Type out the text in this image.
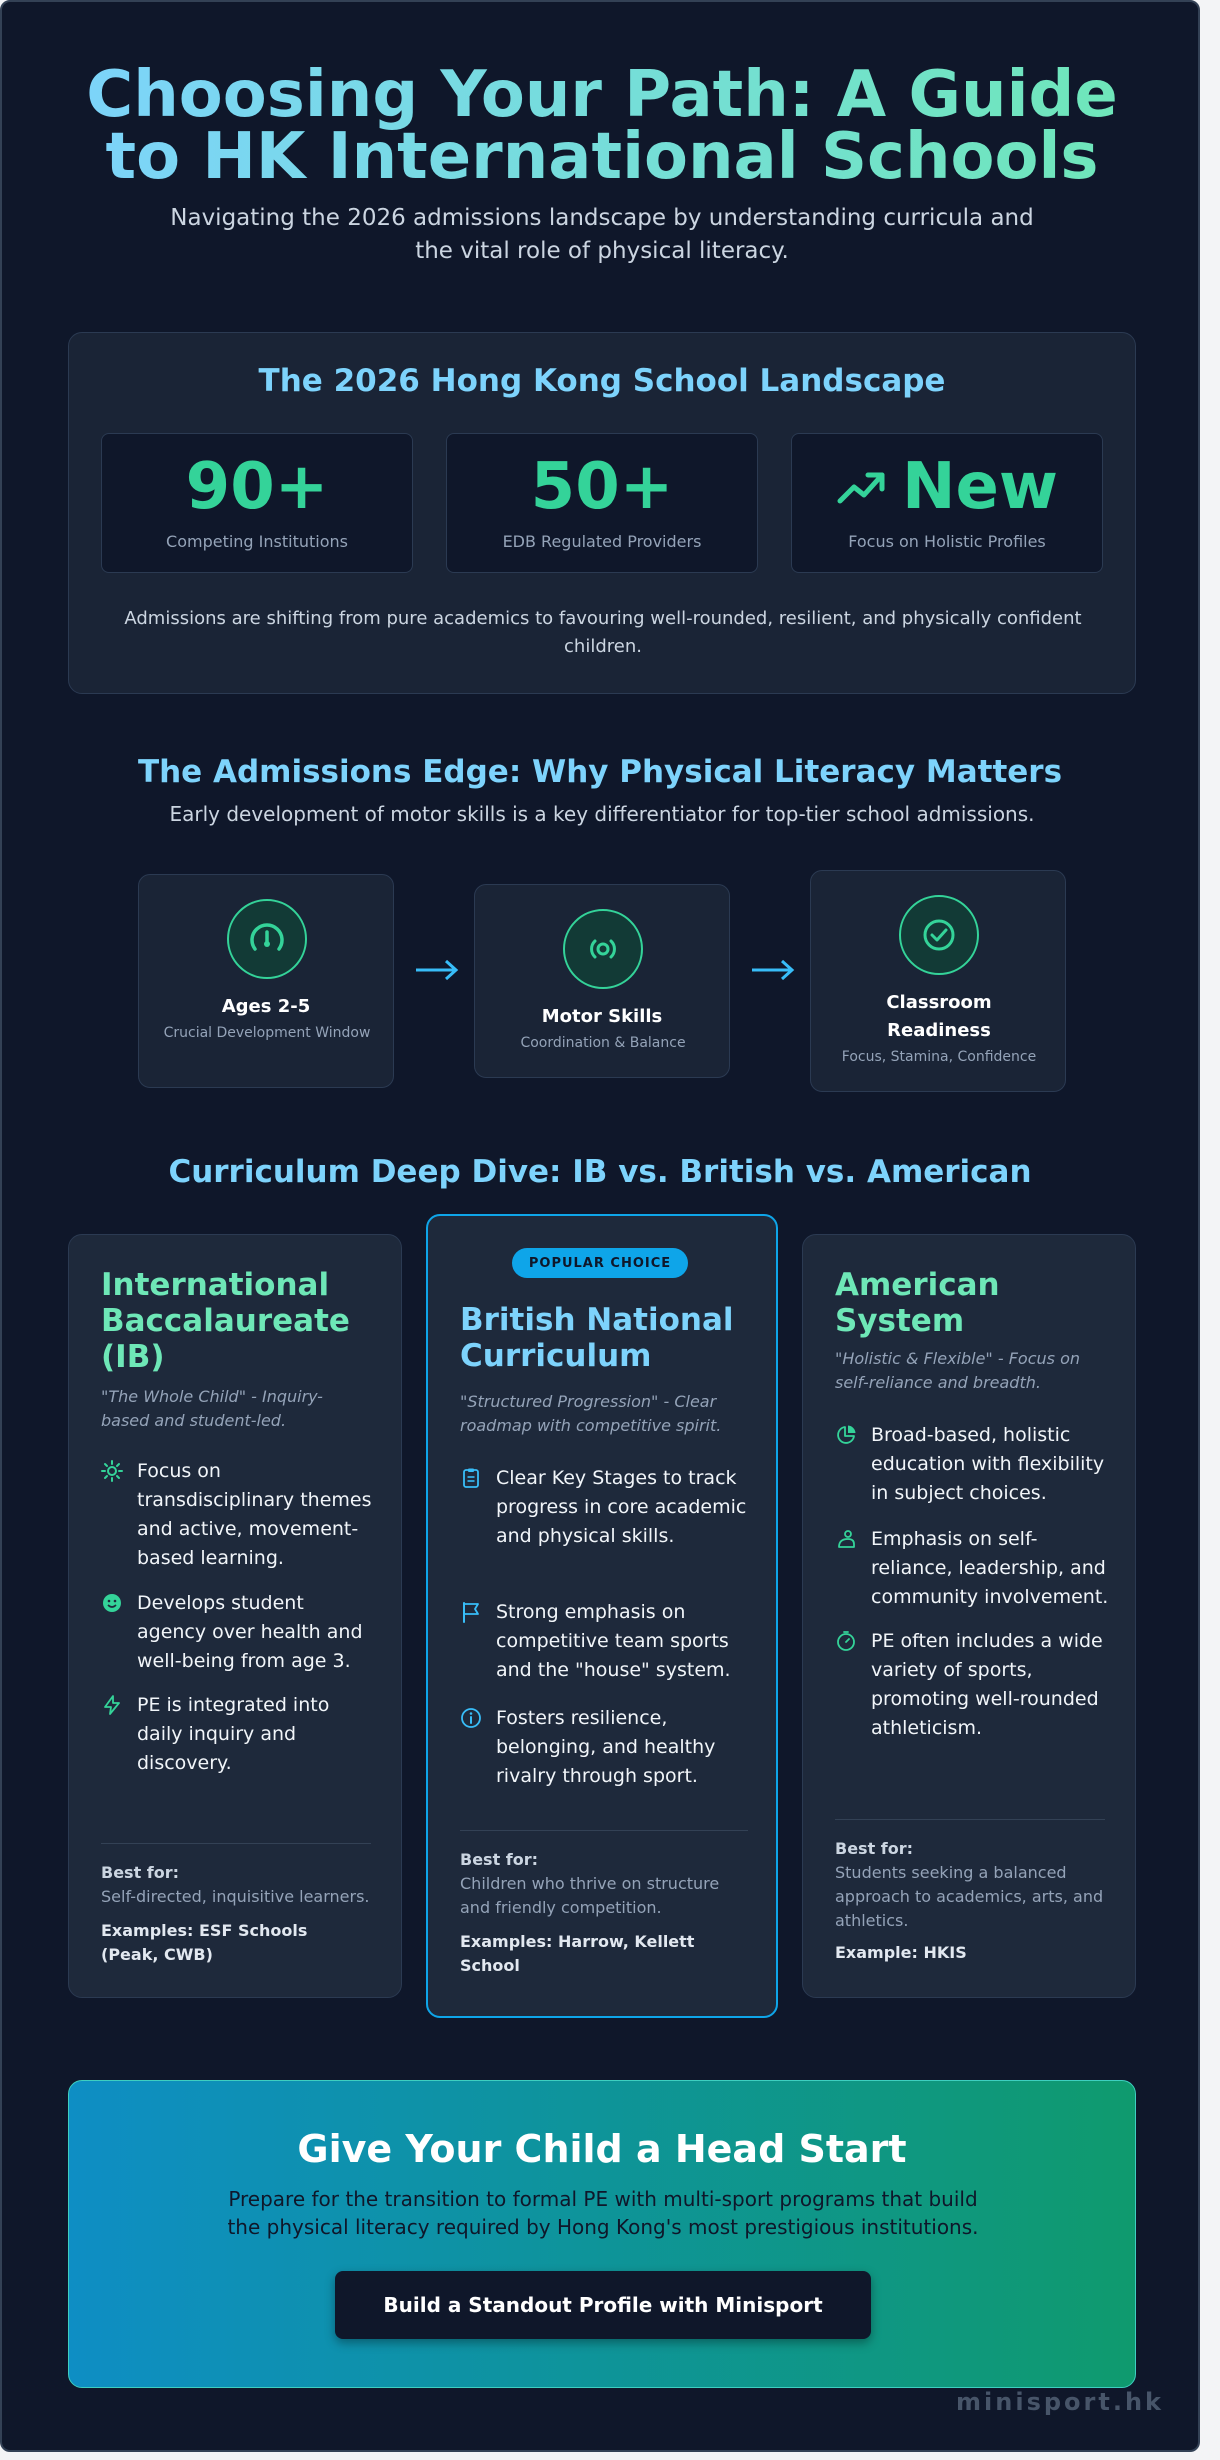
Choosing Your Path: A Guide to HK International Schools
Navigating the 2026 admissions landscape by understanding curricula and the vital role of physical literacy.
The 2026 Hong Kong School Landscape
90+
Competing Institutions
50+
EDB Regulated Providers
New
Focus on Holistic Profiles
Admissions are shifting from pure academics to favouring well-rounded, resilient, and physically confident children.
The Admissions Edge: Why Physical Literacy Matters
Early development of motor skills is a key differentiator for top-tier school admissions.
Ages 2-5
Crucial Development Window
Motor Skills
Coordination & Balance
Classroom Readiness
Focus, Stamina, Confidence
Curriculum Deep Dive: IB vs. British vs. American
International Baccalaureate (IB)
"The Whole Child" - Inquiry-based and student-led.
Focus on transdisciplinary themes and active, movement-based learning.
Develops student agency over health and well-being from age 3.
PE is integrated into daily inquiry and discovery.
Best for:
Self-directed, inquisitive learners.
Examples: ESF Schools (Peak, CWB)
POPULAR CHOICE
British National Curriculum
"Structured Progression" - Clear roadmap with competitive spirit.
Clear Key Stages to track progress in core academic and physical skills.
Strong emphasis on competitive team sports and the "house" system.
Fosters resilience, belonging, and healthy rivalry through sport.
Best for:
Children who thrive on structure and friendly competition.
Examples: Harrow, Kellett School
American System
"Holistic & Flexible" - Focus on self-reliance and breadth.
Broad-based, holistic education with flexibility in subject choices.
Emphasis on self-reliance, leadership, and community involvement.
PE often includes a wide variety of sports, promoting well-rounded athleticism.
Best for:
Students seeking a balanced approach to academics, arts, and athletics.
Example: HKIS
Give Your Child a Head Start
Prepare for the transition to formal PE with multi-sport programs that build the physical literacy required by Hong Kong's most prestigious institutions.
Build a Standout Profile with Minisport
minisport.hk
